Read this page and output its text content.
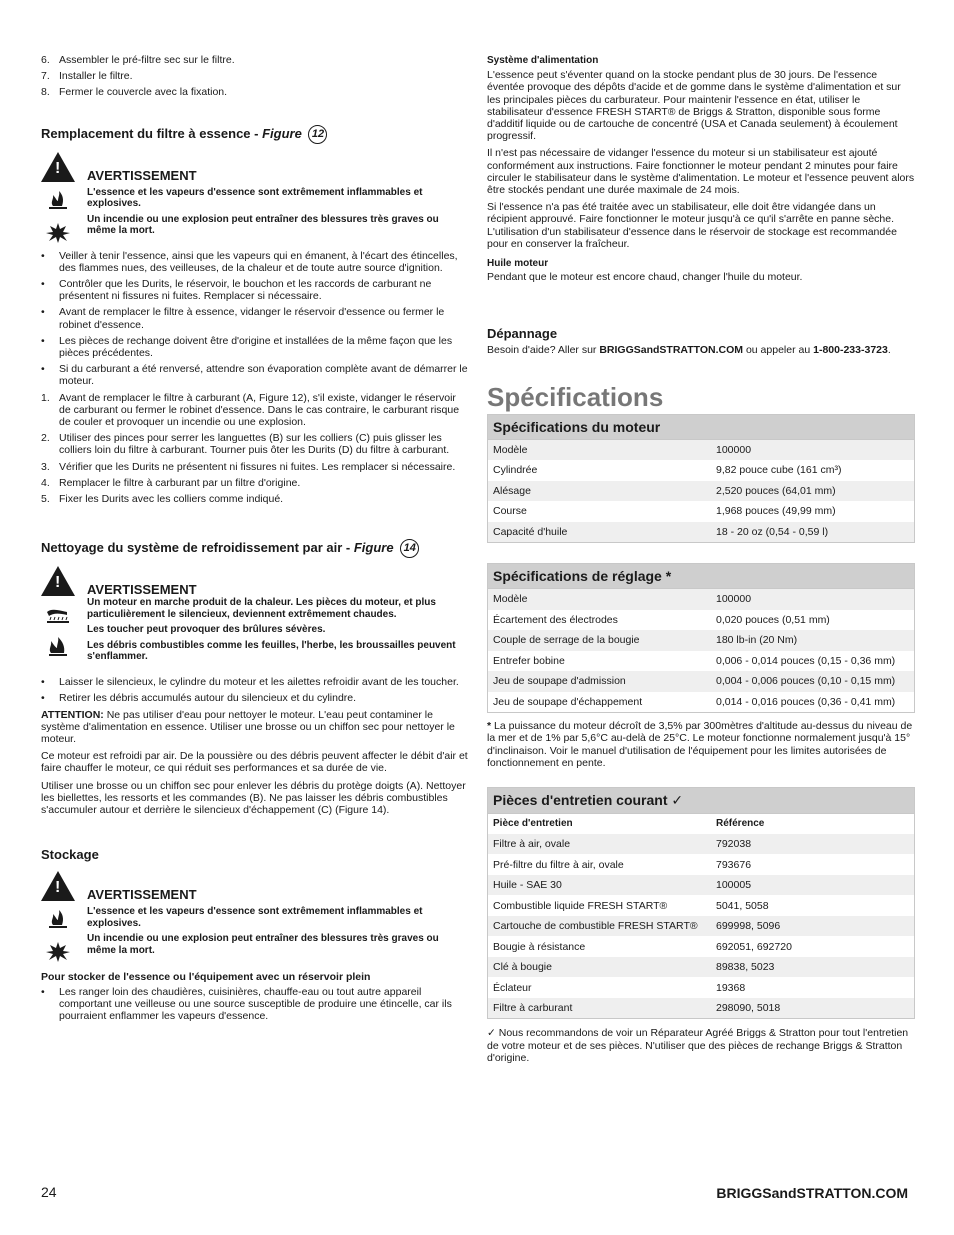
6. Assembler le pré-filtre sec sur le filtre.
7. Installer le filtre.
8. Fermer le couvercle avec la fixation.
Remplacement du filtre à essence - Figure 12
!
AVERTISSEMENT

L'essence et les vapeurs d'essence sont extrêmement inflammables et explosives.

Un incendie ou une explosion peut entraîner des blessures très graves ou même la mort.

• Veiller à tenir l'essence, ainsi que les vapeurs qui en émanent, à l'écart des étincelles, des flammes nues, des veilleuses, de la chaleur et de toute autre source d'ignition.
• Contrôler que les Durits, le réservoir, le bouchon et les raccords de carburant ne présentent ni fissures ni fuites. Remplacer si nécessaire.
• Avant de remplacer le filtre à essence, vidanger le réservoir d'essence ou fermer le robinet d'essence.
• Les pièces de rechange doivent être d'origine et installées de la même façon que les pièces précédentes.
• Si du carburant a été renversé, attendre son évaporation complète avant de démarrer le moteur.
1. Avant de remplacer le filtre à carburant (A, Figure 12), s'il existe, vidanger le réservoir de carburant ou fermer le robinet d'essence. Dans le cas contraire, le carburant risque de couler et provoquer un incendie ou une explosion.
2. Utiliser des pinces pour serrer les languettes (B) sur les colliers (C) puis glisser les colliers loin du filtre à carburant. Tourner puis ôter les Durits (D) du filtre à carburant.
3. Vérifier que les Durits ne présentent ni fissures ni fuites. Les remplacer si nécessaire.
4. Remplacer le filtre à carburant par un filtre d'origine.
5. Fixer les Durits avec les colliers comme indiqué.
Nettoyage du système de refroidissement par air - Figure 14
!
AVERTISSEMENT

Un moteur en marche produit de la chaleur. Les pièces du moteur, et plus particulièrement le silencieux, deviennent extrêmement chaudes.

Les toucher peut provoquer des brûlures sévères.

Les débris combustibles comme les feuilles, l'herbe, les broussailles peuvent s'enflammer.

• Laisser le silencieux, le cylindre du moteur et les ailettes refroidir avant de les toucher.
• Retirer les débris accumulés autour du silencieux et du cylindre.

ATTENTION: Ne pas utiliser d'eau pour nettoyer le moteur. L'eau peut contaminer le système d'alimentation en essence. Utiliser une brosse ou un chiffon sec pour nettoyer le moteur.

Ce moteur est refroidi par air. De la poussière ou des débris peuvent affecter le débit d'air et faire chauffer le moteur, ce qui réduit ses performances et sa durée de vie.

Utiliser une brosse ou un chiffon sec pour enlever les débris du protège doigts (A). Nettoyer les biellettes, les ressorts et les commandes (B). Ne pas laisser les débris combustibles s'accumuler autour et derrière le silencieux d'échappement (C) (Figure 14).

Stockage
!
AVERTISSEMENT

L'essence et les vapeurs d'essence sont extrêmement inflammables et explosives.

Un incendie ou une explosion peut entraîner des blessures très graves ou même la mort.

Pour stocker de l'essence ou l'équipement avec un réservoir plein

• Les ranger loin des chaudières, cuisinières, chauffe-eau ou tout autre appareil comportant une veilleuse ou une source susceptible de produire une étincelle, car ils pourraient enflammer les vapeurs d'essence.

Système d'alimentation

L'essence peut s'éventer quand on la stocke pendant plus de 30 jours. De l'essence éventée provoque des dépôts d'acide et de gomme dans le système d'alimentation et sur les principales pièces du carburateur. Pour maintenir l'essence en état, utiliser le stabilisateur d'essence FRESH START® de Briggs & Stratton, disponible sous forme d'additif liquide ou de cartouche de concentré (USA et Canada seulement) à écoulement progressif.

Il n'est pas nécessaire de vidanger l'essence du moteur si un stabilisateur est ajouté conformément aux instructions. Faire fonctionner le moteur pendant 2 minutes pour faire circuler le stabilisateur dans le système d'alimentation. Le moteur et l'essence peuvent alors être stockés pendant une durée maximale de 24 mois.

Si l'essence n'a pas été traitée avec un stabilisateur, elle doit être vidangée dans un récipient approuvé. Faire fonctionner le moteur jusqu'à ce qu'il s'arrête en panne sèche. L'utilisation d'un stabilisateur d'essence dans le réservoir de stockage est recommandée pour en conserver la fraîcheur.

Huile moteur

Pendant que le moteur est encore chaud, changer l'huile du moteur.

Dépannage

Besoin d'aide? Aller sur BRIGGSandSTRATTON.COM ou appeler au 1-800-233-3723.

Spécifications
Spécifications du moteur	
Modèle	100000
Cylindrée	9,82 pouce cube (161 cm³)
Alésage	2,520 pouces (64,01 mm)
Course	1,968 pouces (49,99 mm)
Capacité d'huile	18 - 20 oz (0,54 - 0,59 l)
Spécifications de réglage *	
Modèle	100000
Écartement des électrodes	0,020 pouces (0,51 mm)
Couple de serrage de la bougie	180 lb-in (20 Nm)
Entrefer bobine	0,006 - 0,014 pouces (0,15 - 0,36 mm)
Jeu de soupape d'admission	0,004 - 0,006 pouces (0,10 - 0,15 mm)
Jeu de soupape d'échappement	0,014 - 0,016 pouces (0,36 - 0,41 mm)

* La puissance du moteur décroît de 3,5% par 300mètres d'altitude au-dessus du niveau de la mer et de 1% par 5,6°C au-delà de 25°C. Le moteur fonctionne normalement jusqu'à 15° d'inclinaison. Voir le manuel d'utilisation de l'équipement pour les limites autorisées de fonctionnement en pente.

Pièces d'entretien courant ✓	
Pièce d'entretien	Référence
Filtre à air, ovale	792038
Pré-filtre du filtre à air, ovale	793676
Huile - SAE 30	100005
Combustible liquide FRESH START®	5041, 5058
Cartouche de combustible FRESH START®	699998, 5096
Bougie à résistance	692051, 692720
Clé à bougie	89838, 5023
Éclateur	19368
Filtre à carburant	298090, 5018

✓ Nous recommandons de voir un Réparateur Agréé Briggs & Stratton pour tout l'entretien de votre moteur et de ses pièces. N'utiliser que des pièces de rechange Briggs & Stratton d'origine.

24	BRIGGSandSTRATTON.COM
